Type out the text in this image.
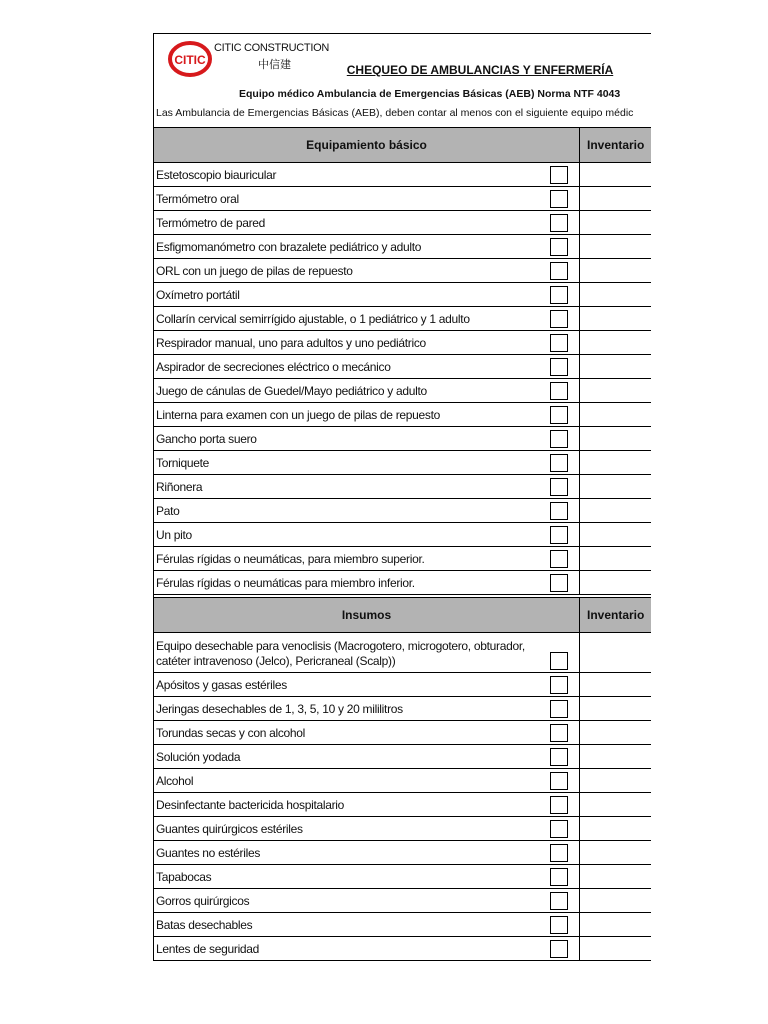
CITIC
CITIC CONSTRUCTION
中信建	CHEQUEO DE AMBULANCIAS Y ENFERMERÍA
Equipo médico Ambulancia de Emergencias Básicas (AEB) Norma NTF 4043
Las Ambulancia de Emergencias Básicas (AEB), deben contar al menos con el siguiente equipo médic
Equipamiento básico	Inventario
Estetoscopio biauricular
Termómetro oral
Termómetro de pared
Esfigmomanómetro con brazalete pediátrico y adulto
ORL con un juego de pilas de repuesto
Oxímetro portátil
Collarín cervical semirrígido ajustable, o 1 pediátrico y 1 adulto
Respirador manual, uno para adultos y uno pediátrico
Aspirador de secreciones eléctrico o mecánico
Juego de cánulas de Guedel/Mayo pediátrico y adulto
Linterna para examen con un juego de pilas de repuesto
Gancho porta suero
Torniquete
Riñonera
Pato
Un pito
Férulas rígidas o neumáticas, para miembro superior.
Férulas rígidas o neumáticas para miembro inferior.
Insumos	Inventario
Equipo desechable para venoclisis (Macrogotero, microgotero, obturador, catéter intravenoso (Jelco), Pericraneal (Scalp))
Apósitos y gasas estériles
Jeringas desechables de 1, 3, 5, 10 y 20 mililitros
Torundas secas y con alcohol
Solución yodada
Alcohol
Desinfectante bactericida hospitalario
Guantes quirúrgicos estériles
Guantes no estériles
Tapabocas
Gorros quirúrgicos
Batas desechables
Lentes de seguridad
